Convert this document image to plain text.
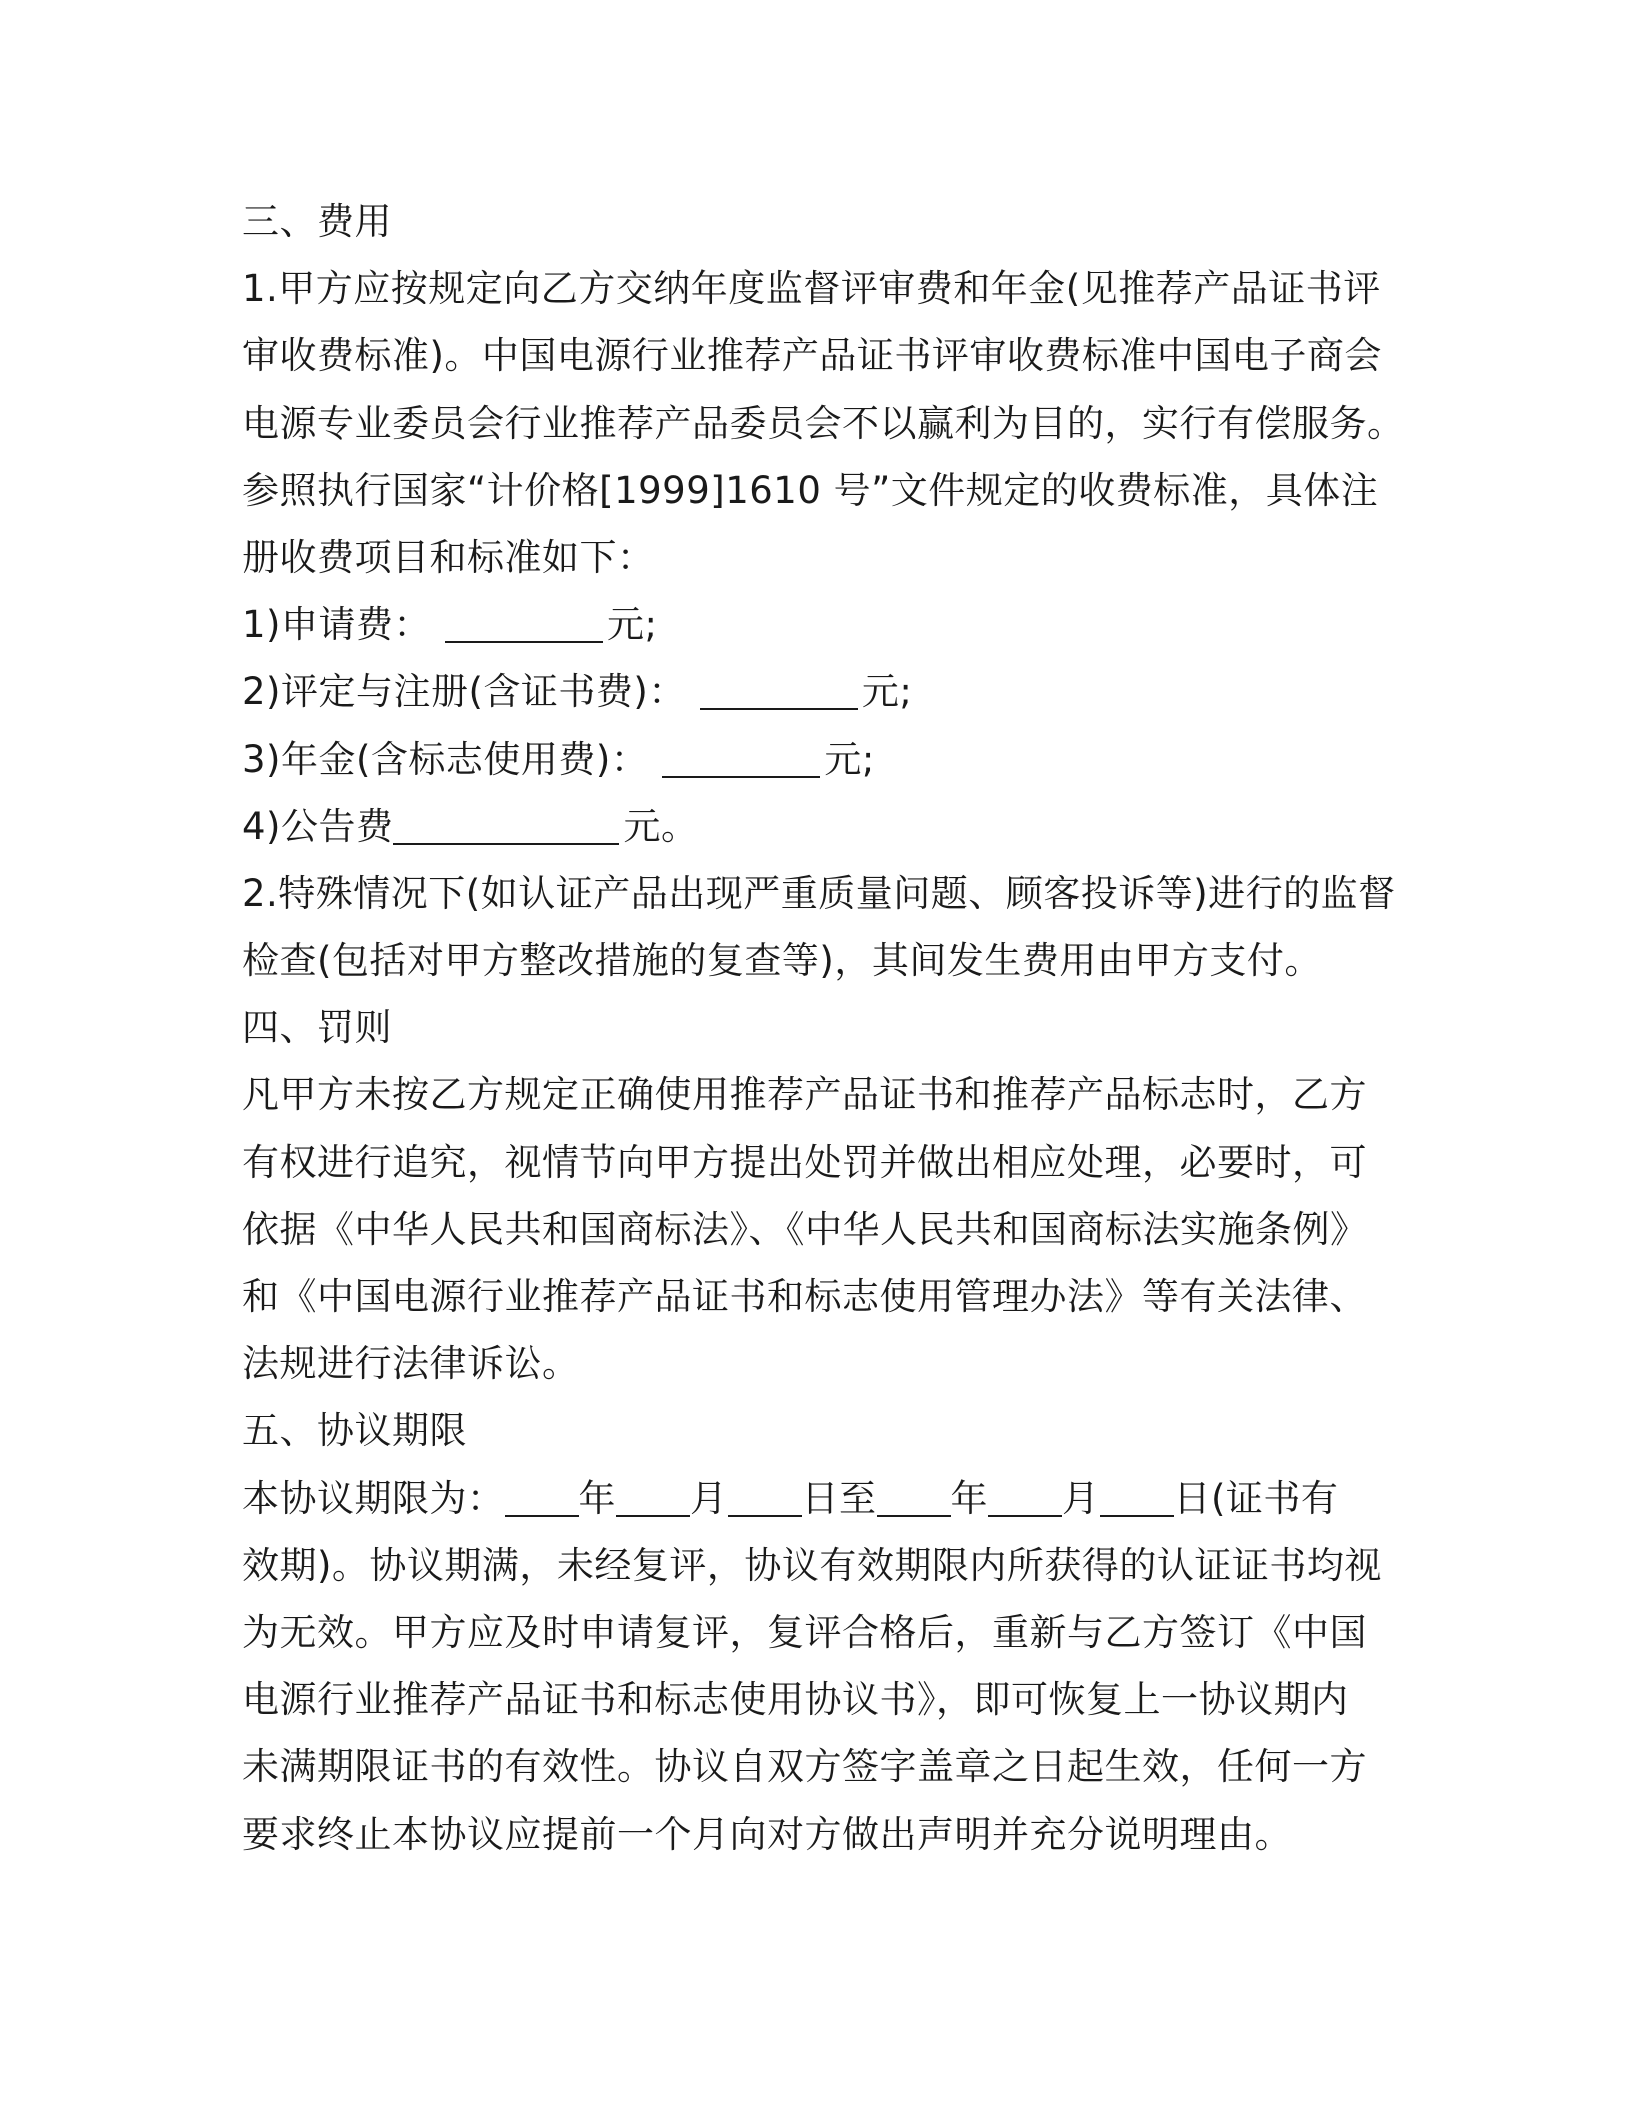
三、费用
1.甲方应按规定向乙方交纳年度监督评审费和年金(见推荐产品证书评
审收费标准)。中国电源行业推荐产品证书评审收费标准中国电子商会
电源专业委员会行业推荐产品委员会不以赢利为目的，实行有偿服务。
参照执行国家“计价格[1999]1610 号”文件规定的收费标准，具体注
册收费项目和标准如下：
1)申请费：	元;
2)评定与注册(含证书费)：	元;
3)年金(含标志使用费)：	元;
4)公告费	元。
2.特殊情况下(如认证产品出现严重质量问题、顾客投诉等)进行的监督
检查(包括对甲方整改措施的复查等)，其间发生费用由甲方支付。
四、罚则
凡甲方未按乙方规定正确使用推荐产品证书和推荐产品标志时，乙方
有权进行追究，视情节向甲方提出处罚并做出相应处理，必要时，可
依据《中华人民共和国商标法》、《中华人民共和国商标法实施条例》
和《中国电源行业推荐产品证书和标志使用管理办法》等有关法律、
法规进行法律诉讼。
五、协议期限
本协议期限为： 年 月 日至 年 月 日(证书有
效期)。协议期满，未经复评，协议有效期限内所获得的认证证书均视
为无效。甲方应及时申请复评，复评合格后，重新与乙方签订《中国
电源行业推荐产品证书和标志使用协议书》，即可恢复上一协议期内
未满期限证书的有效性。协议自双方签字盖章之日起生效，任何一方
要求终止本协议应提前一个月向对方做出声明并充分说明理由。
